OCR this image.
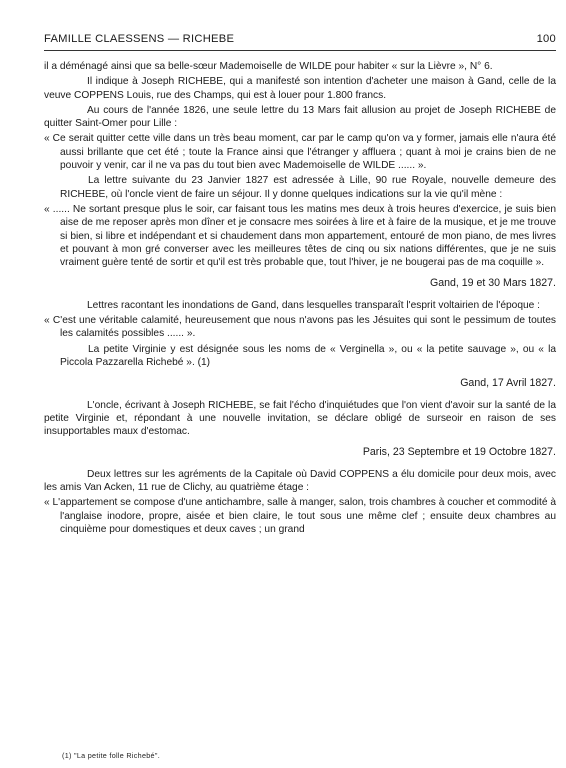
FAMILLE CLAESSENS — RICHEBE	100

il a déménagé ainsi que sa belle-sœur Mademoiselle de WILDE pour habiter « sur la Lièvre », N° 6.

Il indique à Joseph RICHEBE, qui a manifesté son intention d'acheter une maison à Gand, celle de la veuve COPPENS Louis, rue des Champs, qui est à louer pour 1.800 francs.

Au cours de l'année 1826, une seule lettre du 13 Mars fait allusion au projet de Joseph RICHEBE de quitter Saint-Omer pour Lille :

« Ce serait quitter cette ville dans un très beau moment, car par le camp qu'on va y former, jamais elle n'aura été aussi brillante que cet été ; toute la France ainsi que l'étranger y affluera ; quant à moi je crains bien de ne pouvoir y venir, car il ne va pas du tout bien avec Mademoiselle de WILDE ...... ».

La lettre suivante du 23 Janvier 1827 est adressée à Lille, 90 rue Royale, nouvelle demeure des RICHEBE, où l'oncle vient de faire un séjour. Il y donne quelques indications sur la vie qu'il mène :

« ...... Ne sortant presque plus le soir, car faisant tous les matins mes deux à trois heures d'exercice, je suis bien aise de me reposer après mon dîner et je consacre mes soirées à lire et à faire de la musique, et je me trouve si bien, si libre et indépendant et si chaudement dans mon appartement, entouré de mon piano, de mes livres et pouvant à mon gré converser avec les meilleures têtes de cinq ou six nations différentes, que je ne suis vraiment guère tenté de sortir et qu'il est très probable que, tout l'hiver, je ne bougerai pas de ma coquille ».

Gand, 19 et 30 Mars 1827.

Lettres racontant les inondations de Gand, dans lesquelles transparaît l'esprit voltairien de l'époque :

« C'est une véritable calamité, heureusement que nous n'avons pas les Jésuites qui sont le pessimum de toutes les calamités possibles ...... ».

La petite Virginie y est désignée sous les noms de « Verginella », ou « la petite sauvage », ou « la Piccola Pazzarella Richebé ». (1)

Gand, 17 Avril 1827.

L'oncle, écrivant à Joseph RICHEBE, se fait l'écho d'inquiétudes que l'on vient d'avoir sur la santé de la petite Virginie et, répondant à une nouvelle invitation, se déclare obligé de surseoir en raison de ses insupportables maux d'estomac.

Paris, 23 Septembre et 19 Octobre 1827.

Deux lettres sur les agréments de la Capitale où David COPPENS a élu domicile pour deux mois, avec les amis Van Acken, 11 rue de Clichy, au quatrième étage :

« L'appartement se compose d'une antichambre, salle à manger, salon, trois chambres à coucher et commodité à l'anglaise inodore, propre, aisée et bien claire, le tout sous une même clef ; ensuite deux chambres au cinquième pour domestiques et deux caves ; un grand

(1) "La petite folle Richebé".
